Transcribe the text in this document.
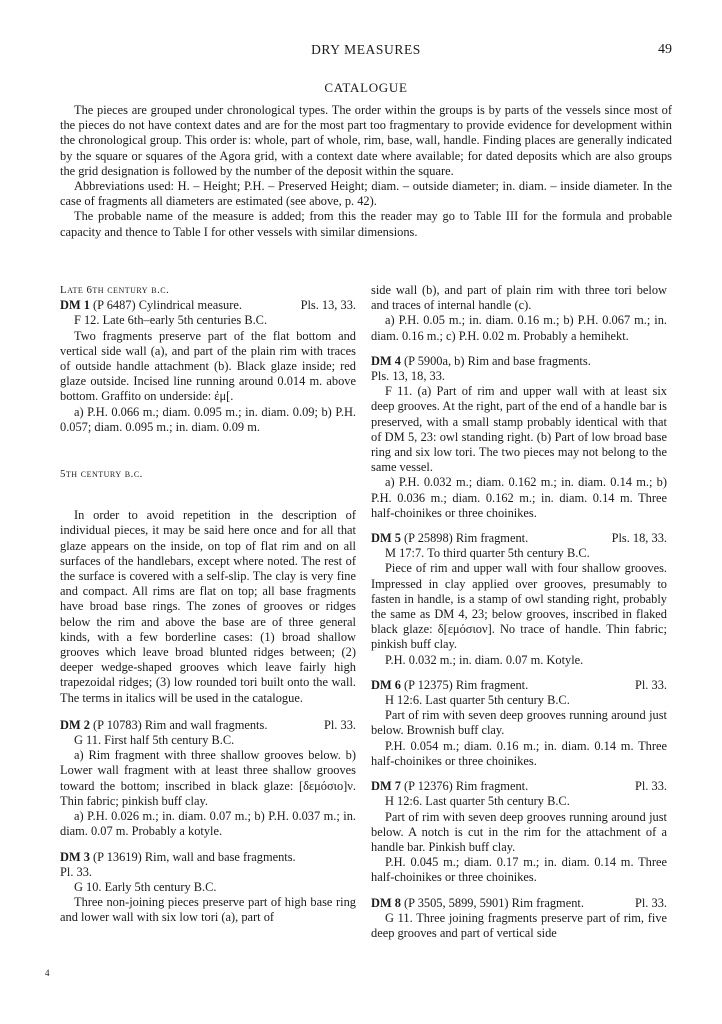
DRY MEASURES	49
CATALOGUE

The pieces are grouped under chronological types. The order within the groups is by parts of the vessels since most of the pieces do not have context dates and are for the most part too fragmentary to provide evidence for development within the chronological group. This order is: whole, part of whole, rim, base, wall, handle. Finding places are generally indicated by the square or squares of the Agora grid, with a context date where available; for dated deposits which are also groups the grid designation is followed by the number of the deposit within the square.

Abbreviations used: H. – Height; P.H. – Preserved Height; diam. – outside diameter; in. diam. – inside diameter. In the case of fragments all diameters are estimated (see above, p. 42).

The probable name of the measure is added; from this the reader may go to Table III for the formula and probable capacity and thence to Table I for other vessels with similar dimensions.

Late 6th century b.c.

DM 1 (P 6487) Cylindrical measure.	Pls. 13, 33.

F 12. Late 6th–early 5th centuries B.C.

Two fragments preserve part of the flat bottom and vertical side wall (a), and part of the plain rim with traces of outside handle attachment (b). Black glaze inside; red glaze outside. Incised line running around 0.014 m. above bottom. Graffito on underside: ἐμ[.

a) P.H. 0.066 m.; diam. 0.095 m.; in. diam. 0.09; b) P.H. 0.057; diam. 0.095 m.; in. diam. 0.09 m.

5th century b.c.

In order to avoid repetition in the description of individual pieces, it may be said here once and for all that glaze appears on the inside, on top of flat rim and on all surfaces of the handlebars, except where noted. The rest of the surface is covered with a self-slip. The clay is very fine and compact. All rims are flat on top; all base fragments have broad base rings. The zones of grooves or ridges below the rim and above the base are of three general kinds, with a few borderline cases: (1) broad shallow grooves which leave broad blunted ridges between; (2) deeper wedge-shaped grooves which leave fairly high trapezoidal ridges; (3) low rounded tori built onto the wall. The terms in italics will be used in the catalogue.

DM 2 (P 10783) Rim and wall fragments.	Pl. 33.

G 11. First half 5th century B.C.

a) Rim fragment with three shallow grooves below. b) Lower wall fragment with at least three shallow grooves toward the bottom; inscribed in black glaze: [δεμόσιο]ν. Thin fabric; pinkish buff clay.

a) P.H. 0.026 m.; in. diam. 0.07 m.; b) P.H. 0.037 m.; in. diam. 0.07 m. Probably a kotyle.

DM 3 (P 13619) Rim, wall and base fragments.

Pl. 33.

G 10. Early 5th century B.C.

Three non-joining pieces preserve part of high base ring and lower wall with six low tori (a), part of

side wall (b), and part of plain rim with three tori below and traces of internal handle (c).

a) P.H. 0.05 m.; in. diam. 0.16 m.; b) P.H. 0.067 m.; in. diam. 0.16 m.; c) P.H. 0.02 m. Probably a hemihekt.

DM 4 (P 5900a, b) Rim and base fragments.

Pls. 13, 18, 33.

F 11. (a) Part of rim and upper wall with at least six deep grooves. At the right, part of the end of a handle bar is preserved, with a small stamp probably identical with that of DM 5, 23: owl standing right. (b) Part of low broad base ring and six low tori. The two pieces may not belong to the same vessel.

a) P.H. 0.032 m.; diam. 0.162 m.; in. diam. 0.14 m.; b) P.H. 0.036 m.; diam. 0.162 m.; in. diam. 0.14 m. Three half-choinikes or three choinikes.

DM 5 (P 25898) Rim fragment.	Pls. 18, 33.

M 17:7. To third quarter 5th century B.C.

Piece of rim and upper wall with four shallow grooves. Impressed in clay applied over grooves, presumably to fasten in handle, is a stamp of owl standing right, probably the same as DM 4, 23; below grooves, inscribed in flaked black glaze: δ[εμόσιον]. No trace of handle. Thin fabric; pinkish buff clay.

P.H. 0.032 m.; in. diam. 0.07 m. Kotyle.

DM 6 (P 12375) Rim fragment.	Pl. 33.

H 12:6. Last quarter 5th century B.C.

Part of rim with seven deep grooves running around just below. Brownish buff clay.

P.H. 0.054 m.; diam. 0.16 m.; in. diam. 0.14 m. Three half-choinikes or three choinikes.

DM 7 (P 12376) Rim fragment.	Pl. 33.

H 12:6. Last quarter 5th century B.C.

Part of rim with seven deep grooves running around just below. A notch is cut in the rim for the attachment of a handle bar. Pinkish buff clay.

P.H. 0.045 m.; diam. 0.17 m.; in. diam. 0.14 m. Three half-choinikes or three choinikes.

DM 8 (P 3505, 5899, 5901) Rim fragment.	Pl. 33.

G 11. Three joining fragments preserve part of rim, five deep grooves and part of vertical side

4
